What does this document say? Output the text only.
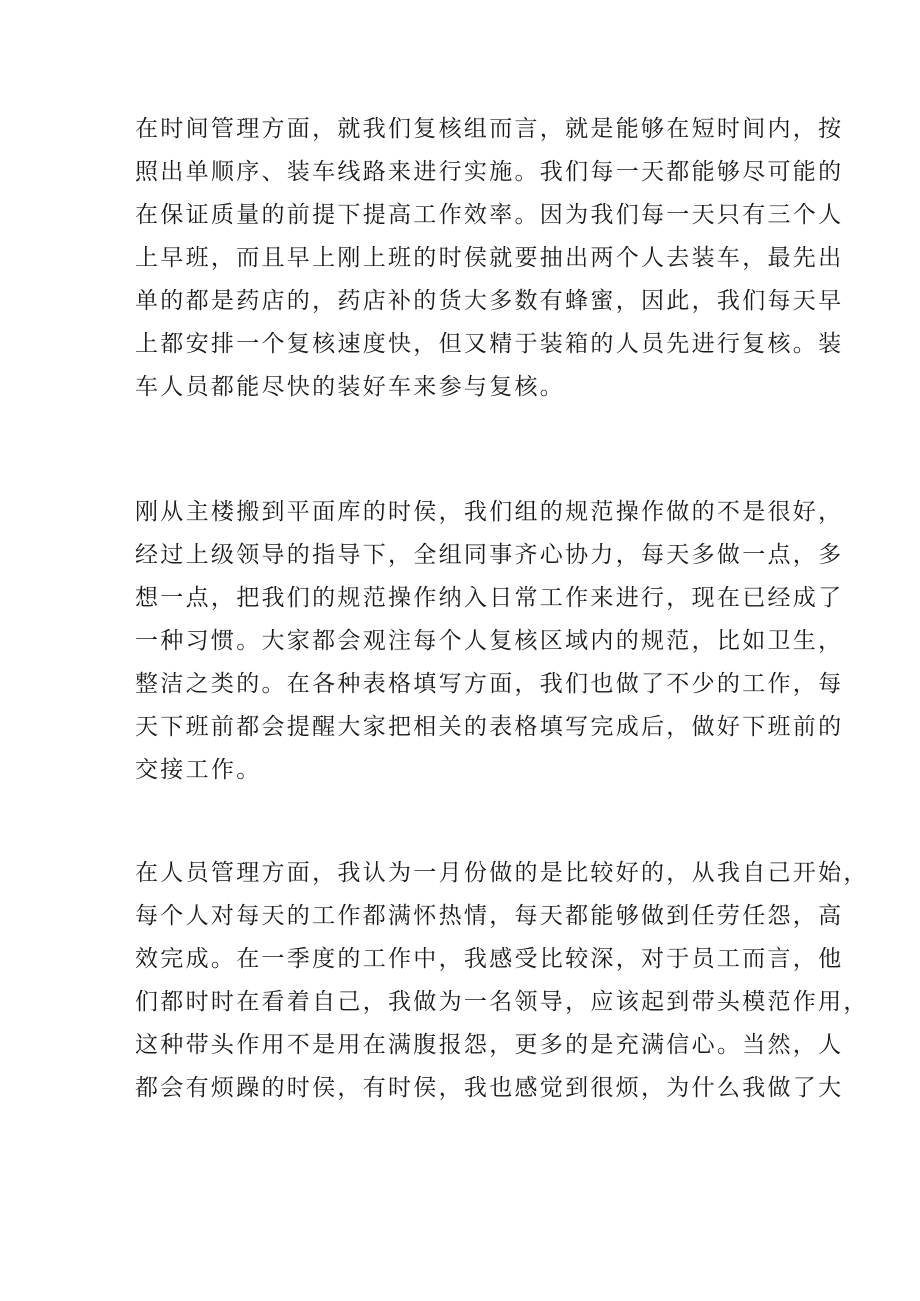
在时间管理方面，就我们复核组而言，就是能够在短时间内，按
照出单顺序、装车线路来进行实施。我们每一天都能够尽可能的
在保证质量的前提下提高工作效率。因为我们每一天只有三个人
上早班，而且早上刚上班的时侯就要抽出两个人去装车，最先出
单的都是药店的，药店补的货大多数有蜂蜜，因此，我们每天早
上都安排一个复核速度快，但又精于装箱的人员先进行复核。装
车人员都能尽快的装好车来参与复核。
刚从主楼搬到平面库的时侯，我们组的规范操作做的不是很好，
经过上级领导的指导下，全组同事齐心协力，每天多做一点，多
想一点，把我们的规范操作纳入日常工作来进行，现在已经成了
一种习惯。大家都会观注每个人复核区域内的规范，比如卫生，
整洁之类的。在各种表格填写方面，我们也做了不少的工作，每
天下班前都会提醒大家把相关的表格填写完成后，做好下班前的
交接工作。
在人员管理方面，我认为一月份做的是比较好的，从我自己开始，
每个人对每天的工作都满怀热情，每天都能够做到任劳任怨，高
效完成。在一季度的工作中，我感受比较深，对于员工而言，他
们都时时在看着自己，我做为一名领导，应该起到带头模范作用，
这种带头作用不是用在满腹报怨，更多的是充满信心。当然，人
都会有烦躁的时侯，有时侯，我也感觉到很烦，为什么我做了大
